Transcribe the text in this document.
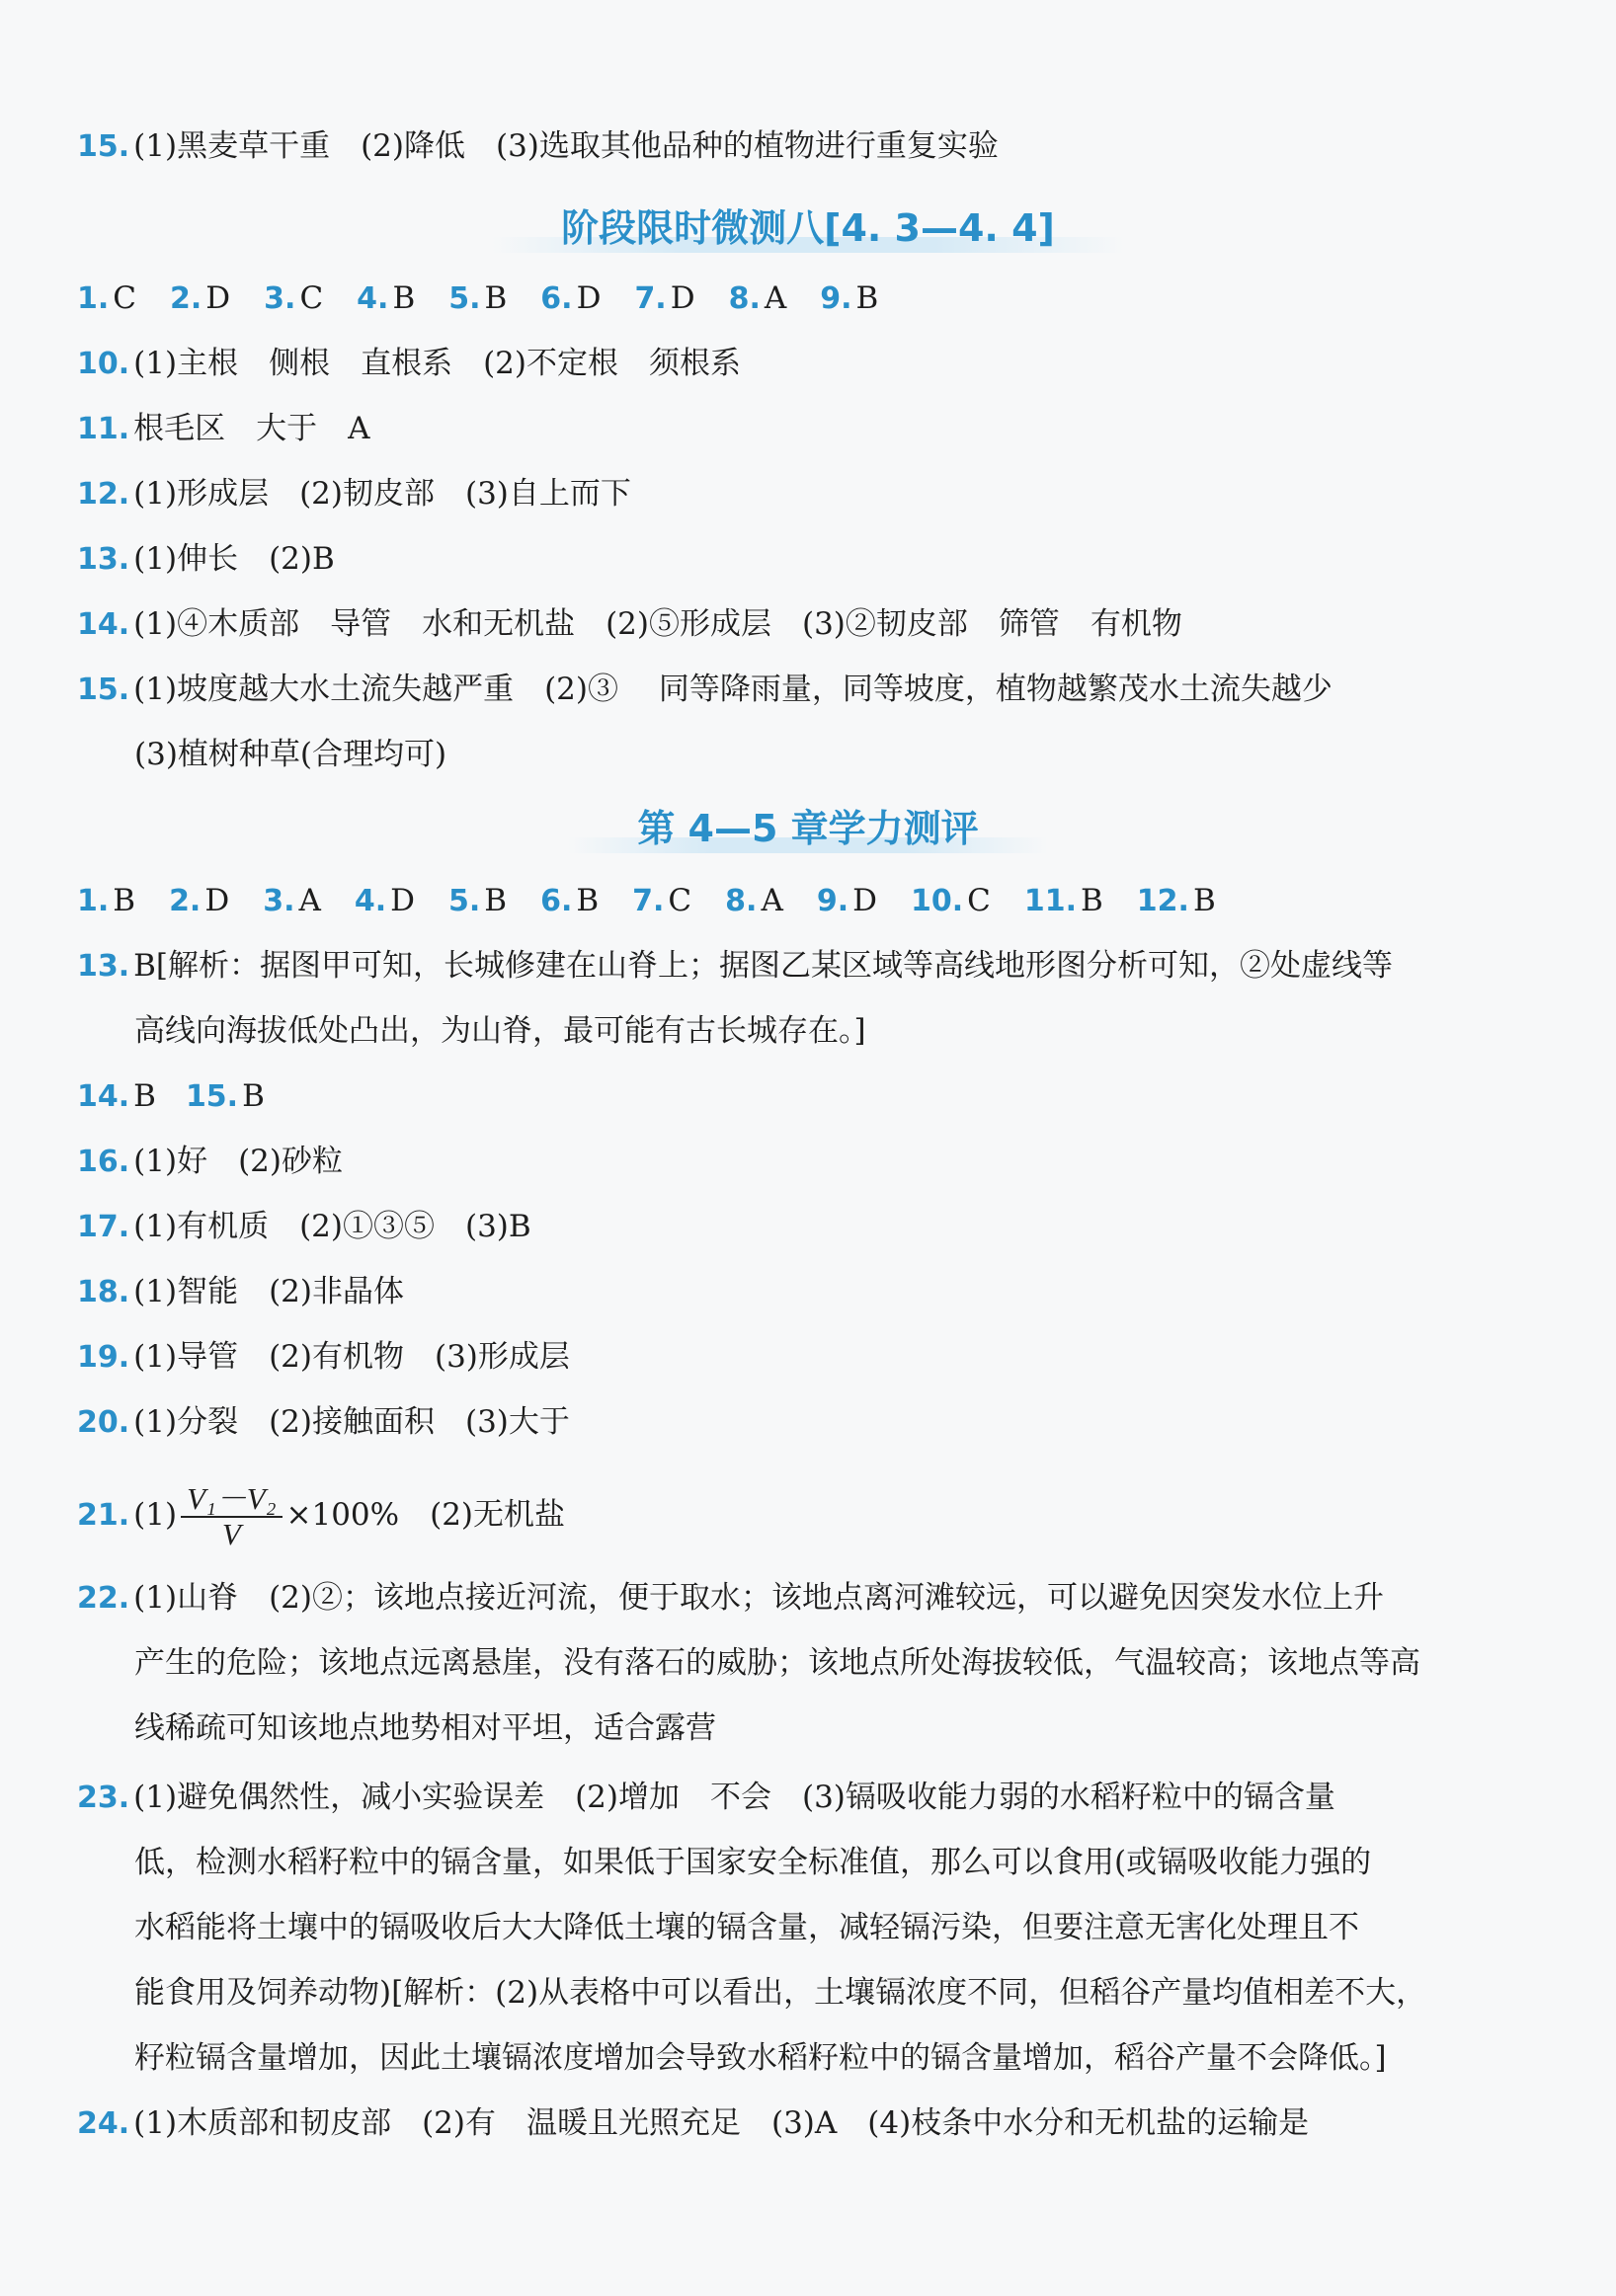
15. (1)黑麦草干重　(2)降低　(3)选取其他品种的植物进行重复实验
阶段限时微测八[4. 3—4. 4]
1. C 2. D 3. C 4. B 5. B 6. D 7. D 8. A 9. B
10. (1)主根　侧根　直根系　(2)不定根　须根系
11. 根毛区　大于　A
12. (1)形成层　(2)韧皮部　(3)自上而下
13. (1)伸长　(2)B
14. (1)④木质部　导管　水和无机盐　(2)⑤形成层　(3)②韧皮部　筛管　有机物
15. (1)坡度越大水土流失越严重　(2)③　 同等降雨量，同等坡度，植物越繁茂水土流失越少
(3)植树种草(合理均可)
第 4—5 章学力测评
1. B 2. D 3. A 4. D 5. B 6. B 7. C 8. A 9. D 10. C 11. B 12. B
13. B[解析：据图甲可知，长城修建在山脊上；据图乙某区域等高线地形图分析可知，②处虚线等
高线向海拔低处凸出，为山脊，最可能有古长城存在。]
14. B 15. B
16. (1)好　(2)砂粒
17. (1)有机质　(2)①③⑤　(3)B
18. (1)智能　(2)非晶体
19. (1)导管　(2)有机物　(3)形成层
20. (1)分裂　(2)接触面积　(3)大于
21. $(1) \frac{\text{V₁－V₂}}{V} \times 100\%$　(2)无机盐
22. (1)山脊　(2)②；该地点接近河流，便于取水；该地点离河滩较远，可以避免因突发水位上升
产生的危险；该地点远离悬崖，没有落石的威胁；该地点所处海拔较低，气温较高；该地点等高
线稀疏可知该地点地势相对平坦，适合露营
23. (1)避免偶然性，减小实验误差　(2)增加　不会　(3)镉吸收能力弱的水稻籽粒中的镉含量
低，检测水稻籽粒中的镉含量，如果低于国家安全标准值，那么可以食用(或镉吸收能力强的
水稻能将土壤中的镉吸收后大大降低土壤的镉含量，减轻镉污染，但要注意无害化处理且不
能食用及饲养动物)[解析：(2)从表格中可以看出，土壤镉浓度不同，但稻谷产量均值相差不大，
籽粒镉含量增加，因此土壤镉浓度增加会导致水稻籽粒中的镉含量增加，稻谷产量不会降低。]
24. (1)木质部和韧皮部　(2)有　温暖且光照充足　(3)A　(4)枝条中水分和无机盐的运输是
